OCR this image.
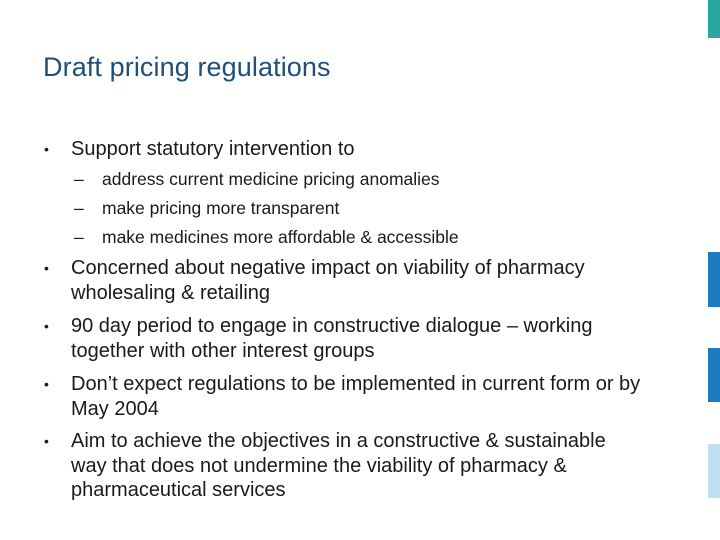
Draft pricing regulations
• Support statutory intervention to
– address current medicine pricing anomalies
– make pricing more transparent
– make medicines more affordable & accessible
• Concerned about negative impact on viability of pharmacy wholesaling & retailing
• 90 day period to engage in constructive dialogue – working together with other interest groups
• Don’t expect regulations to be implemented in current form or by May 2004
• Aim to achieve the objectives in a constructive & sustainable way that does not undermine the viability of pharmacy & pharmaceutical services
